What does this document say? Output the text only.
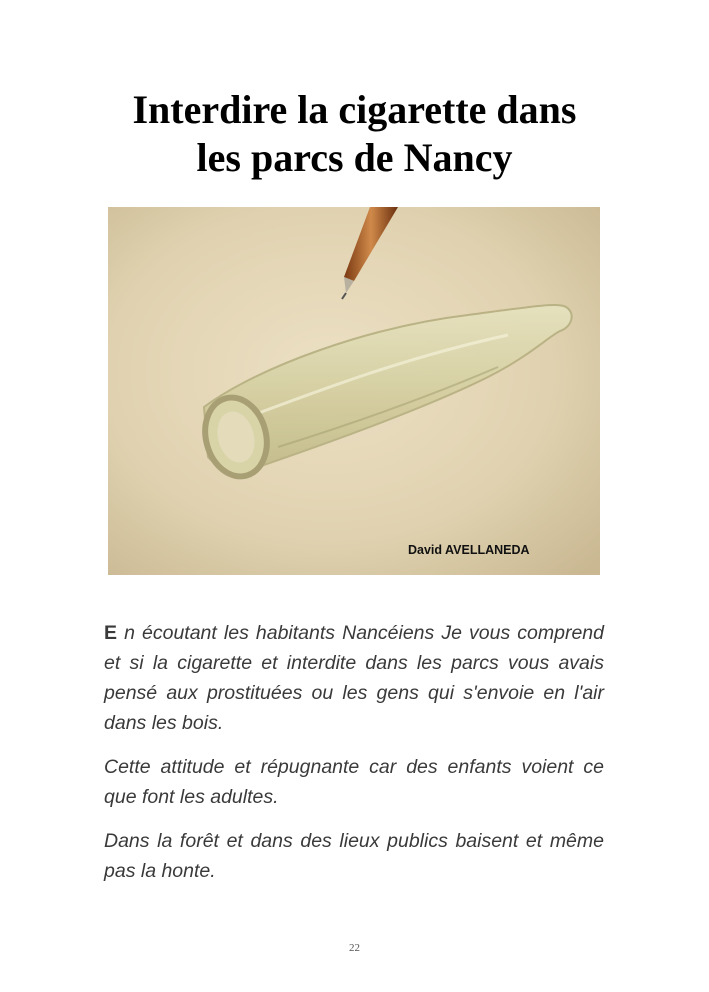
Interdire la cigarette dans
les parcs de Nancy
David AVELLANEDA

E n écoutant les habitants Nancéiens Je vous comprend et si la cigarette et interdite dans les parcs vous avais pensé aux prostituées ou les gens qui s'envoie en l'air dans les bois.

Cette attitude et répugnante car des enfants voient ce que font les adultes.

Dans la forêt et dans des lieux publics baisent et même pas la honte.

22
